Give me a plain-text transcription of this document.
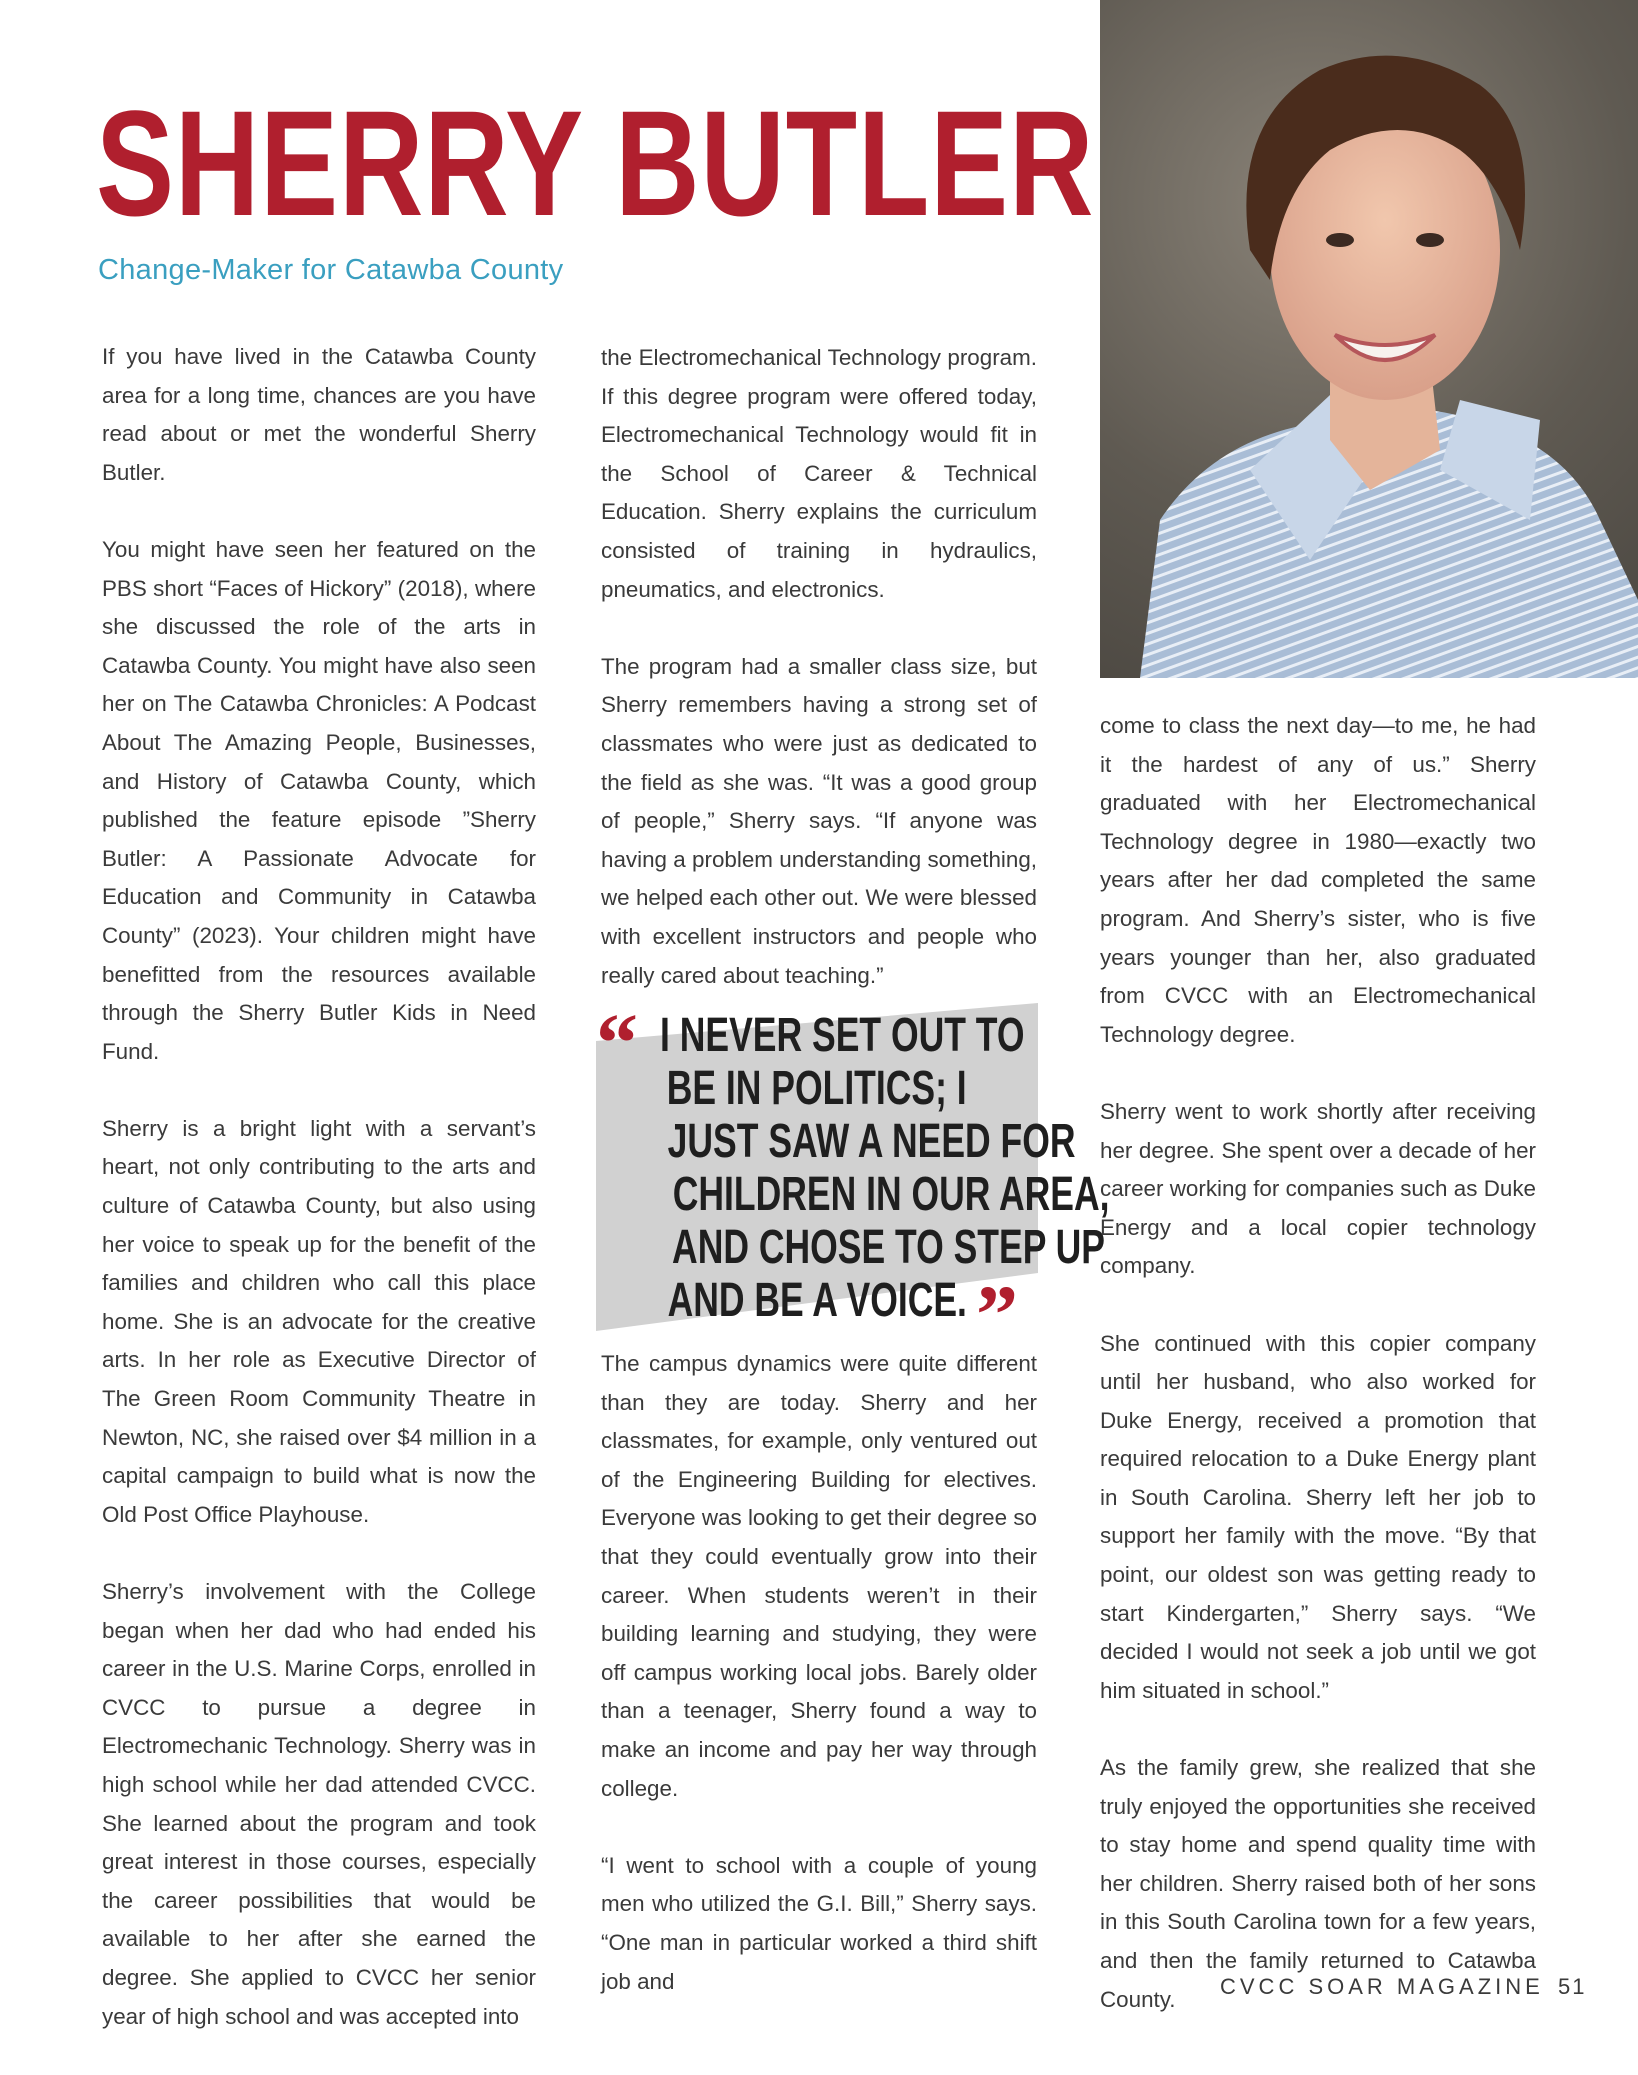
SHERRY BUTLER
Change-Maker for Catawba County

If you have lived in the Catawba County area for a long time, chances are you have read about or met the wonderful Sherry Butler.

You might have seen her featured on the PBS short “Faces of Hickory” (2018), where she discussed the role of the arts in Catawba County. You might have also seen her on The Catawba Chronicles: A Podcast About The Amazing People, Businesses, and History of Catawba County, which published the feature episode ”Sherry Butler: A Passionate Advocate for Education and Community in Catawba County” (2023). Your children might have benefitted from the resources available through the Sherry Butler Kids in Need Fund.

Sherry is a bright light with a servant’s heart, not only contributing to the arts and culture of Catawba County, but also using her voice to speak up for the benefit of the families and children who call this place home. She is an advocate for the creative arts. In her role as Executive Director of The Green Room Community Theatre in Newton, NC, she raised over $4 million in a capital campaign to build what is now the Old Post Office Playhouse.

Sherry’s involvement with the College began when her dad who had ended his career in the U.S. Marine Corps, enrolled in CVCC to pursue a degree in Electromechanic Technology. Sherry was in high school while her dad attended CVCC. She learned about the program and took great interest in those courses, especially the career possibilities that would be available to her after she earned the degree. She applied to CVCC her senior year of high school and was accepted into

the Electromechanical Technology program. If this degree program were offered today, Electromechanical Technology would fit in the School of Career & Technical Education. Sherry explains the curriculum consisted of training in hydraulics, pneumatics, and electronics.

The program had a smaller class size, but Sherry remembers having a strong set of classmates who were just as dedicated to the field as she was. “It was a good group of people,” Sherry says. “If anyone was having a problem understanding something, we helped each other out. We were blessed with excellent instructors and people who really cared about teaching.”

“ I NEVER SET OUT TO
BE IN POLITICS; I
JUST SAW A NEED FOR
CHILDREN IN OUR AREA,
AND CHOSE TO STEP UP
AND BE A VOICE. ”

The campus dynamics were quite different than they are today. Sherry and her classmates, for example, only ventured out of the Engineering Building for electives. Everyone was looking to get their degree so that they could eventually grow into their career. When students weren’t in their building learning and studying, they were off campus working local jobs. Barely older than a teenager, Sherry found a way to make an income and pay her way through college.

“I went to school with a couple of young men who utilized the G.I. Bill,” Sherry says. “One man in particular worked a third shift job and

come to class the next day—to me, he had it the hardest of any of us.” Sherry graduated with her Electromechanical Technology degree in 1980—exactly two years after her dad completed the same program. And Sherry’s sister, who is five years younger than her, also graduated from CVCC with an Electromechanical Technology degree.

Sherry went to work shortly after receiving her degree. She spent over a decade of her career working for companies such as Duke Energy and a local copier technology company.

She continued with this copier company until her husband, who also worked for Duke Energy, received a promotion that required relocation to a Duke Energy plant in South Carolina. Sherry left her job to support her family with the move. “By that point, our oldest son was getting ready to start Kindergarten,” Sherry says. “We decided I would not seek a job until we got him situated in school.”

As the family grew, she realized that she truly enjoyed the opportunities she received to stay home and spend quality time with her children. Sherry raised both of her sons in this South Carolina town for a few years, and then the family returned to Catawba County.

CVCC SOAR MAGAZINE 51
